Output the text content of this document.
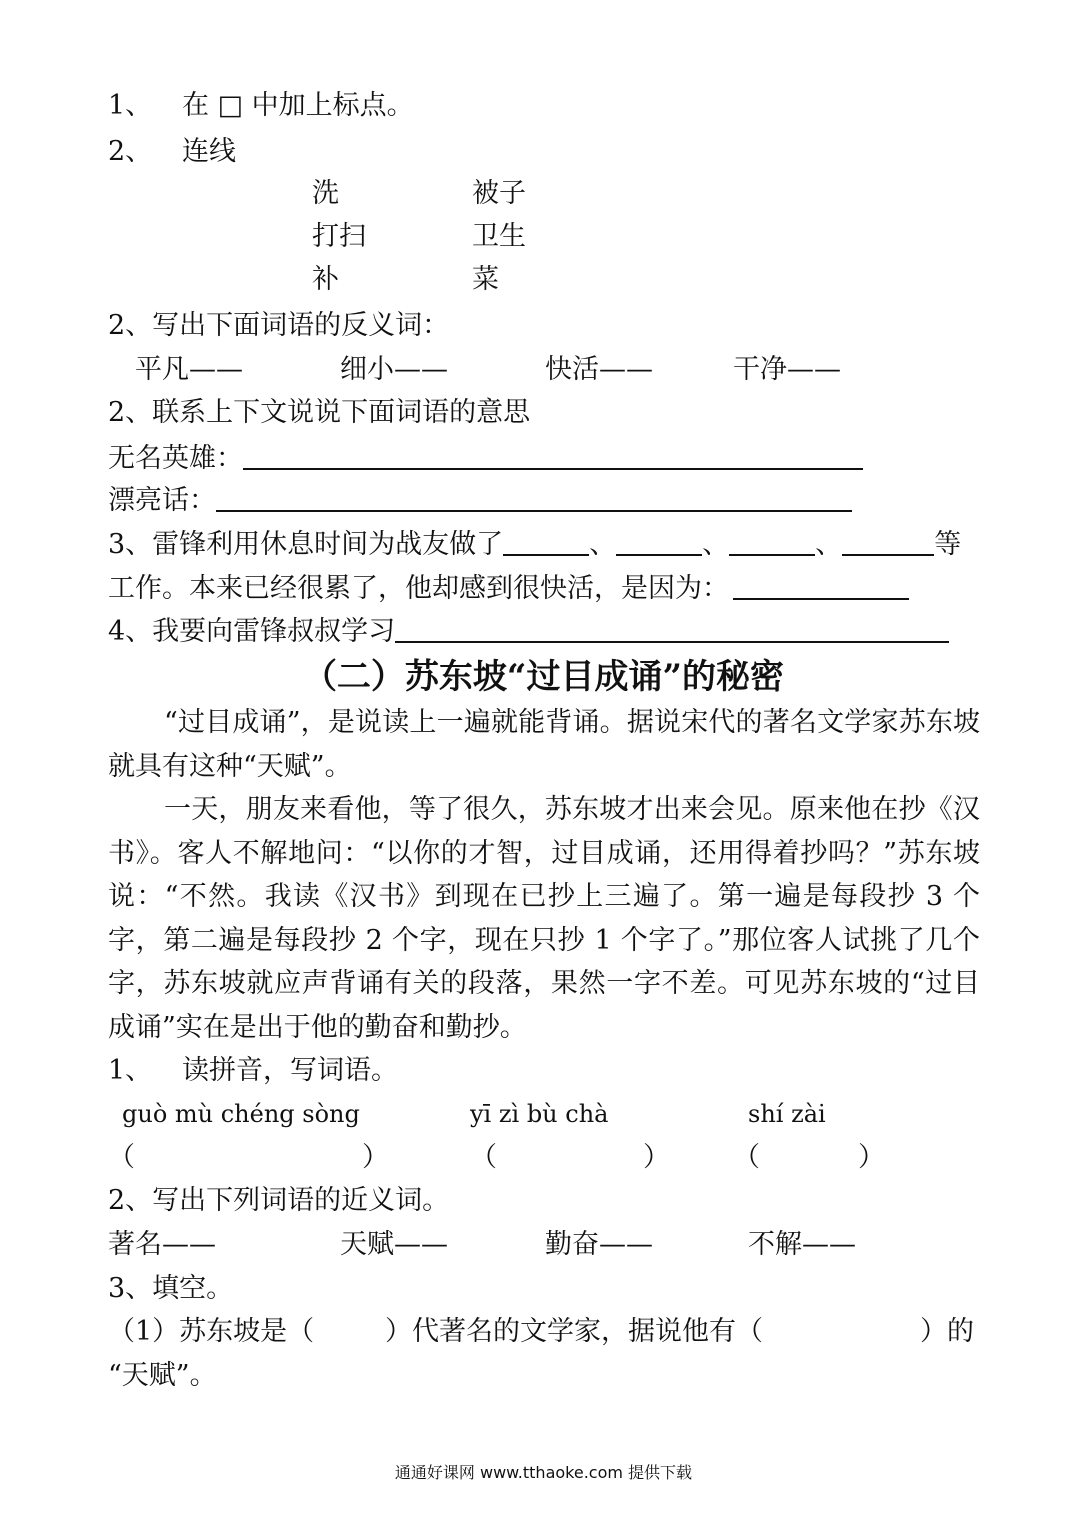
1、 在 □ 中加上标点。
2、 连线
洗	被子
打扫	卫生
补	菜
2、写出下面词语的反义词：
平凡——	细小——	快活——	干净——
2、联系上下文说说下面词语的意思
无名英雄：
漂亮话：
3、雷锋利用休息时间为战友做了	、	、	、	等
工作。本来已经很累了，他却感到很快活，是因为：
4、我要向雷锋叔叔学习
（二）苏东坡“过目成诵”的秘密
“过目成诵”，是说读上一遍就能背诵。据说宋代的著名文学家苏东坡就具有这种“天赋”。
一天，朋友来看他，等了很久，苏东坡才出来会见。原来他在抄《汉书》。客人不解地问：“以你的才智，过目成诵，还用得着抄吗？”苏东坡说：“不然。我读《汉书》到现在已抄上三遍了。第一遍是每段抄 3 个字，第二遍是每段抄 2 个字，现在只抄 1 个字了。”那位客人试挑了几个字，苏东坡就应声背诵有关的段落，果然一字不差。可见苏东坡的“过目成诵”实在是出于他的勤奋和勤抄。
1、 读拼音，写词语。
guò mù chéng sòng	yī zì bù chà	shí zài
（	）	（	） （	）
2、写出下列词语的近义词。
著名——	天赋——	勤奋——	不解——
3、填空。
（1）苏东坡是（	）代著名的文学家，据说他有（	）的
“天赋”。
通通好课网 www.tthaoke.com 提供下载
